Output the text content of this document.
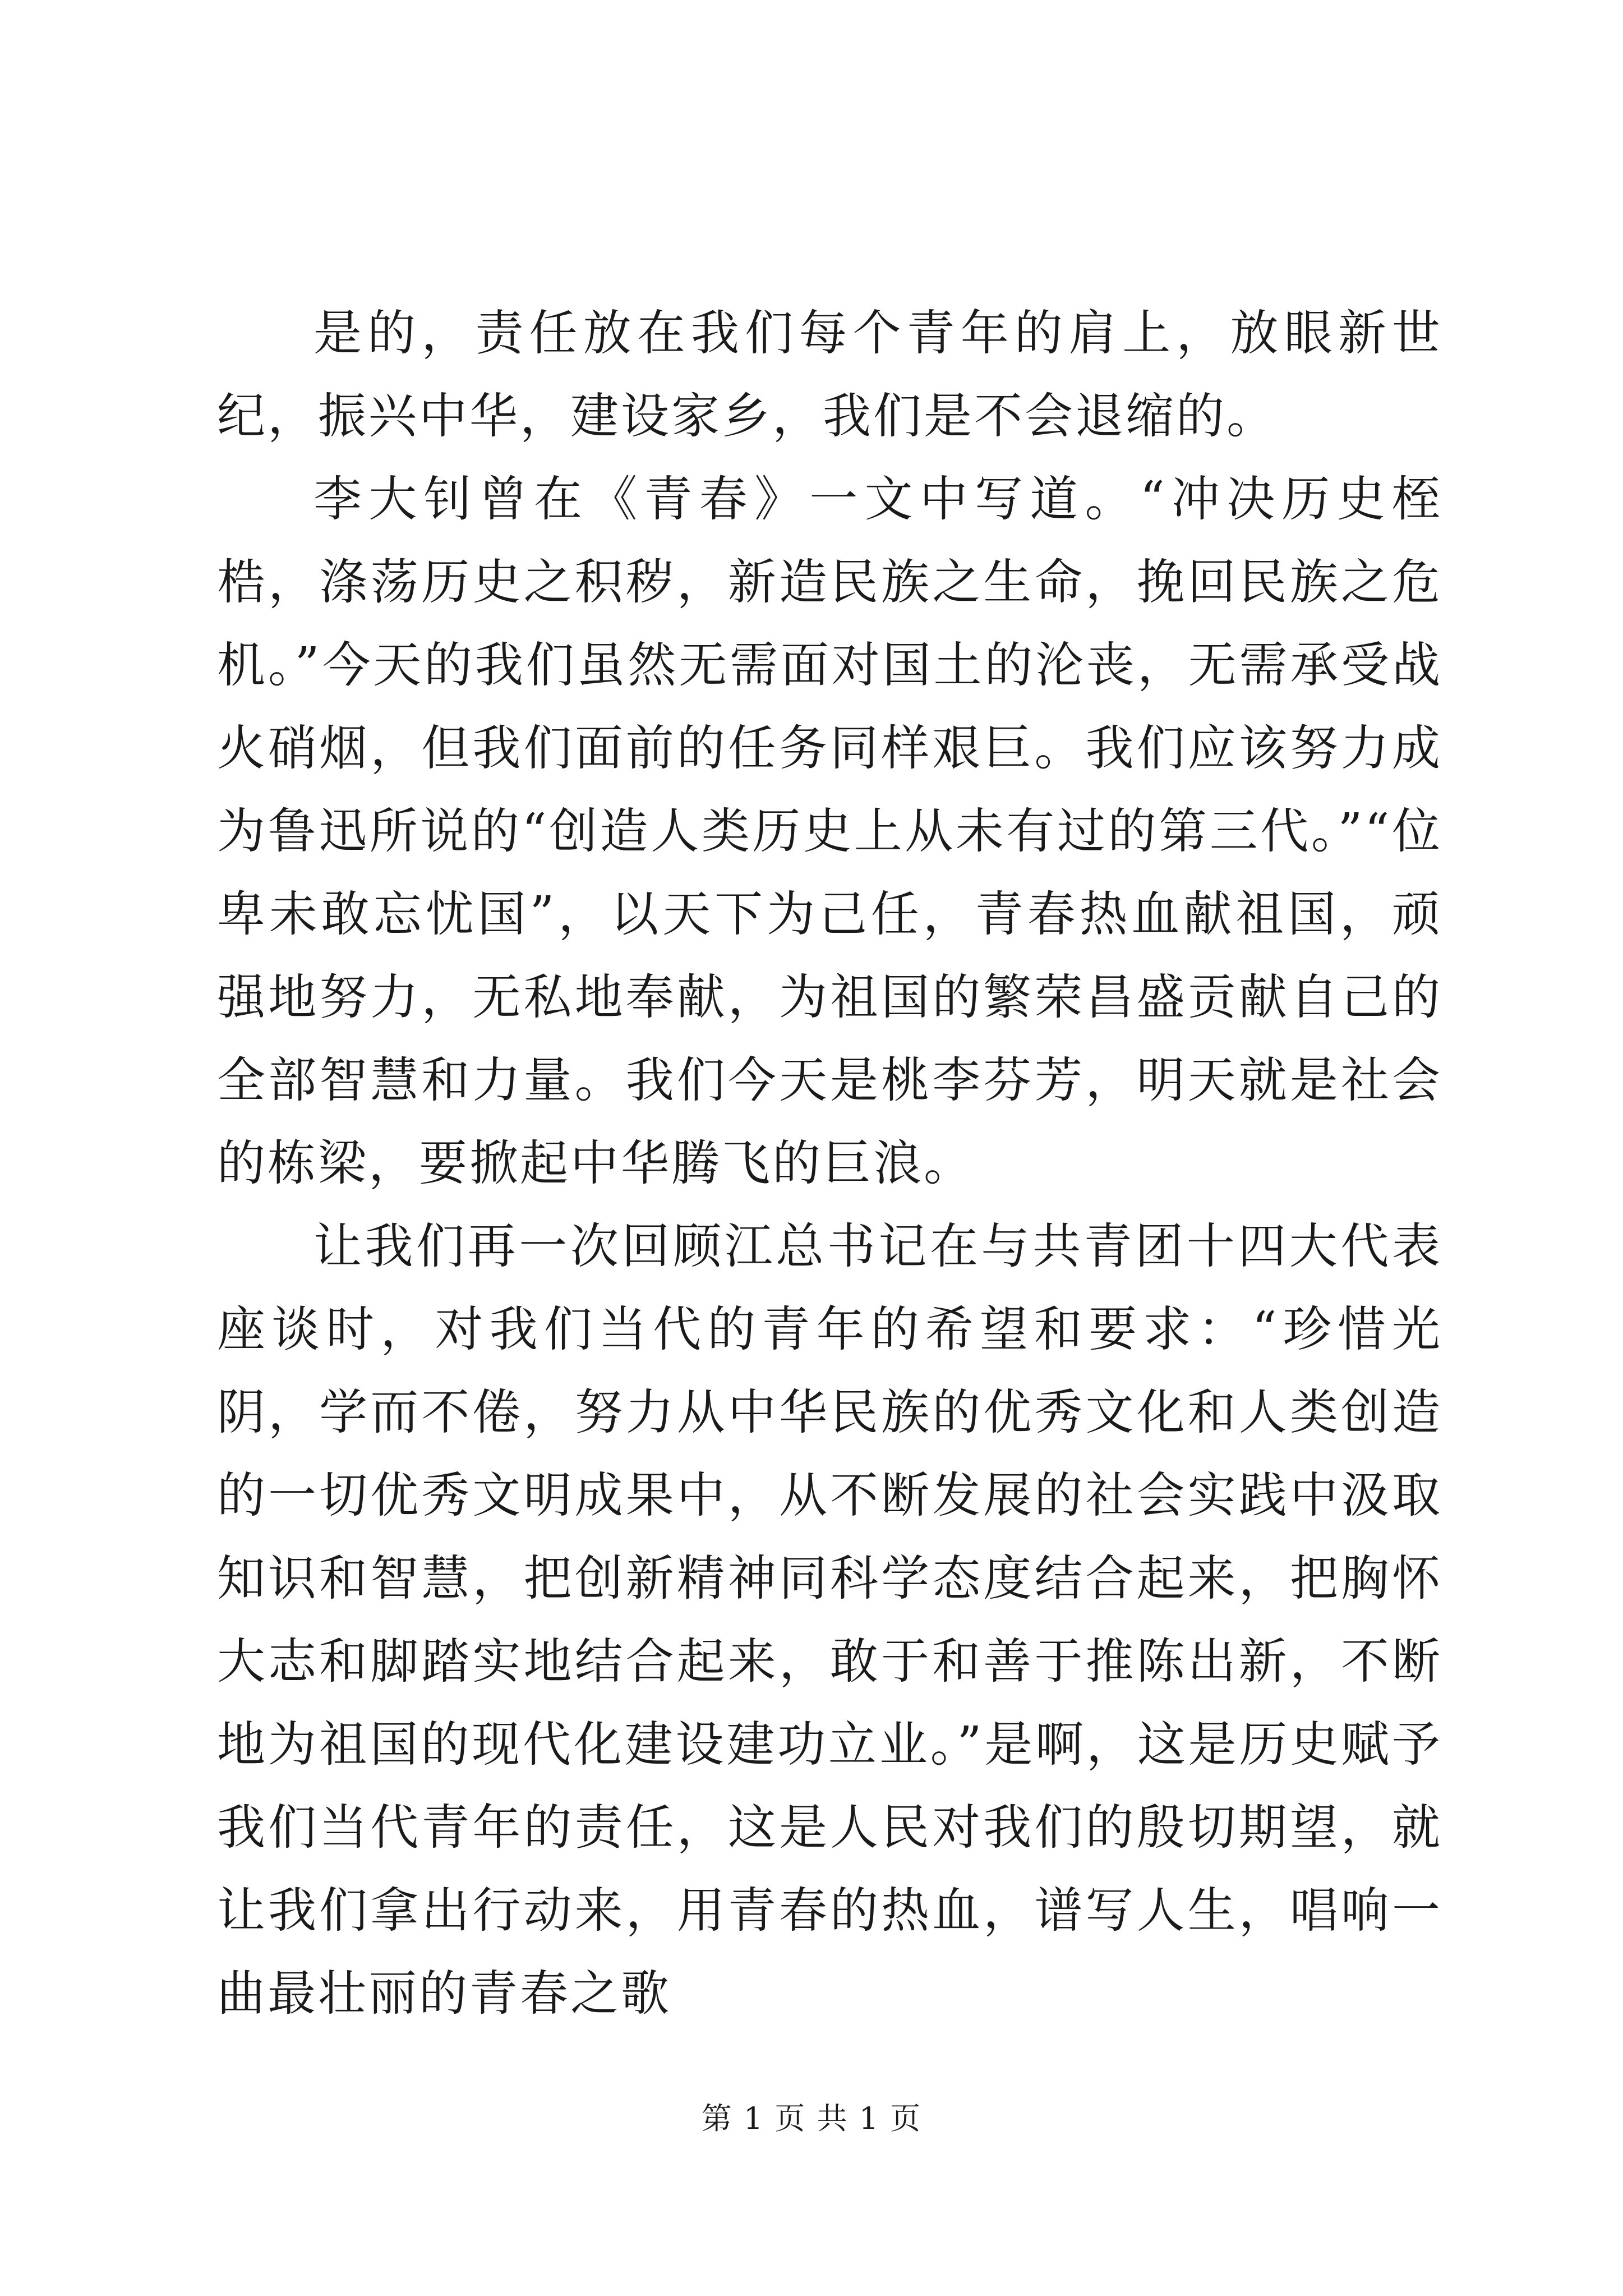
是的，责任放在我们每个青年的肩上，放眼新世纪，振兴中华，建设家乡，我们是不会退缩的。

李大钊曾在《青春》一文中写道。“冲决历史桎梏，涤荡历史之积秽，新造民族之生命，挽回民族之危机。”今天的我们虽然无需面对国土的沦丧，无需承受战火硝烟，但我们面前的任务同样艰巨。我们应该努力成为鲁迅所说的“创造人类历史上从未有过的第三代。”“位卑未敢忘忧国”，以天下为己任，青春热血献祖国，顽强地努力，无私地奉献，为祖国的繁荣昌盛贡献自己的全部智慧和力量。我们今天是桃李芬芳，明天就是社会的栋梁，要掀起中华腾飞的巨浪。

让我们再一次回顾江总书记在与共青团十四大代表座谈时，对我们当代的青年的希望和要求：“珍惜光阴，学而不倦，努力从中华民族的优秀文化和人类创造的一切优秀文明成果中，从不断发展的社会实践中汲取知识和智慧，把创新精神同科学态度结合起来，把胸怀大志和脚踏实地结合起来，敢于和善于推陈出新，不断地为祖国的现代化建设建功立业。”是啊，这是历史赋予我们当代青年的责任，这是人民对我们的殷切期望，就让我们拿出行动来，用青春的热血，谱写人生，唱响一曲最壮丽的青春之歌

第 1 页 共 1 页
